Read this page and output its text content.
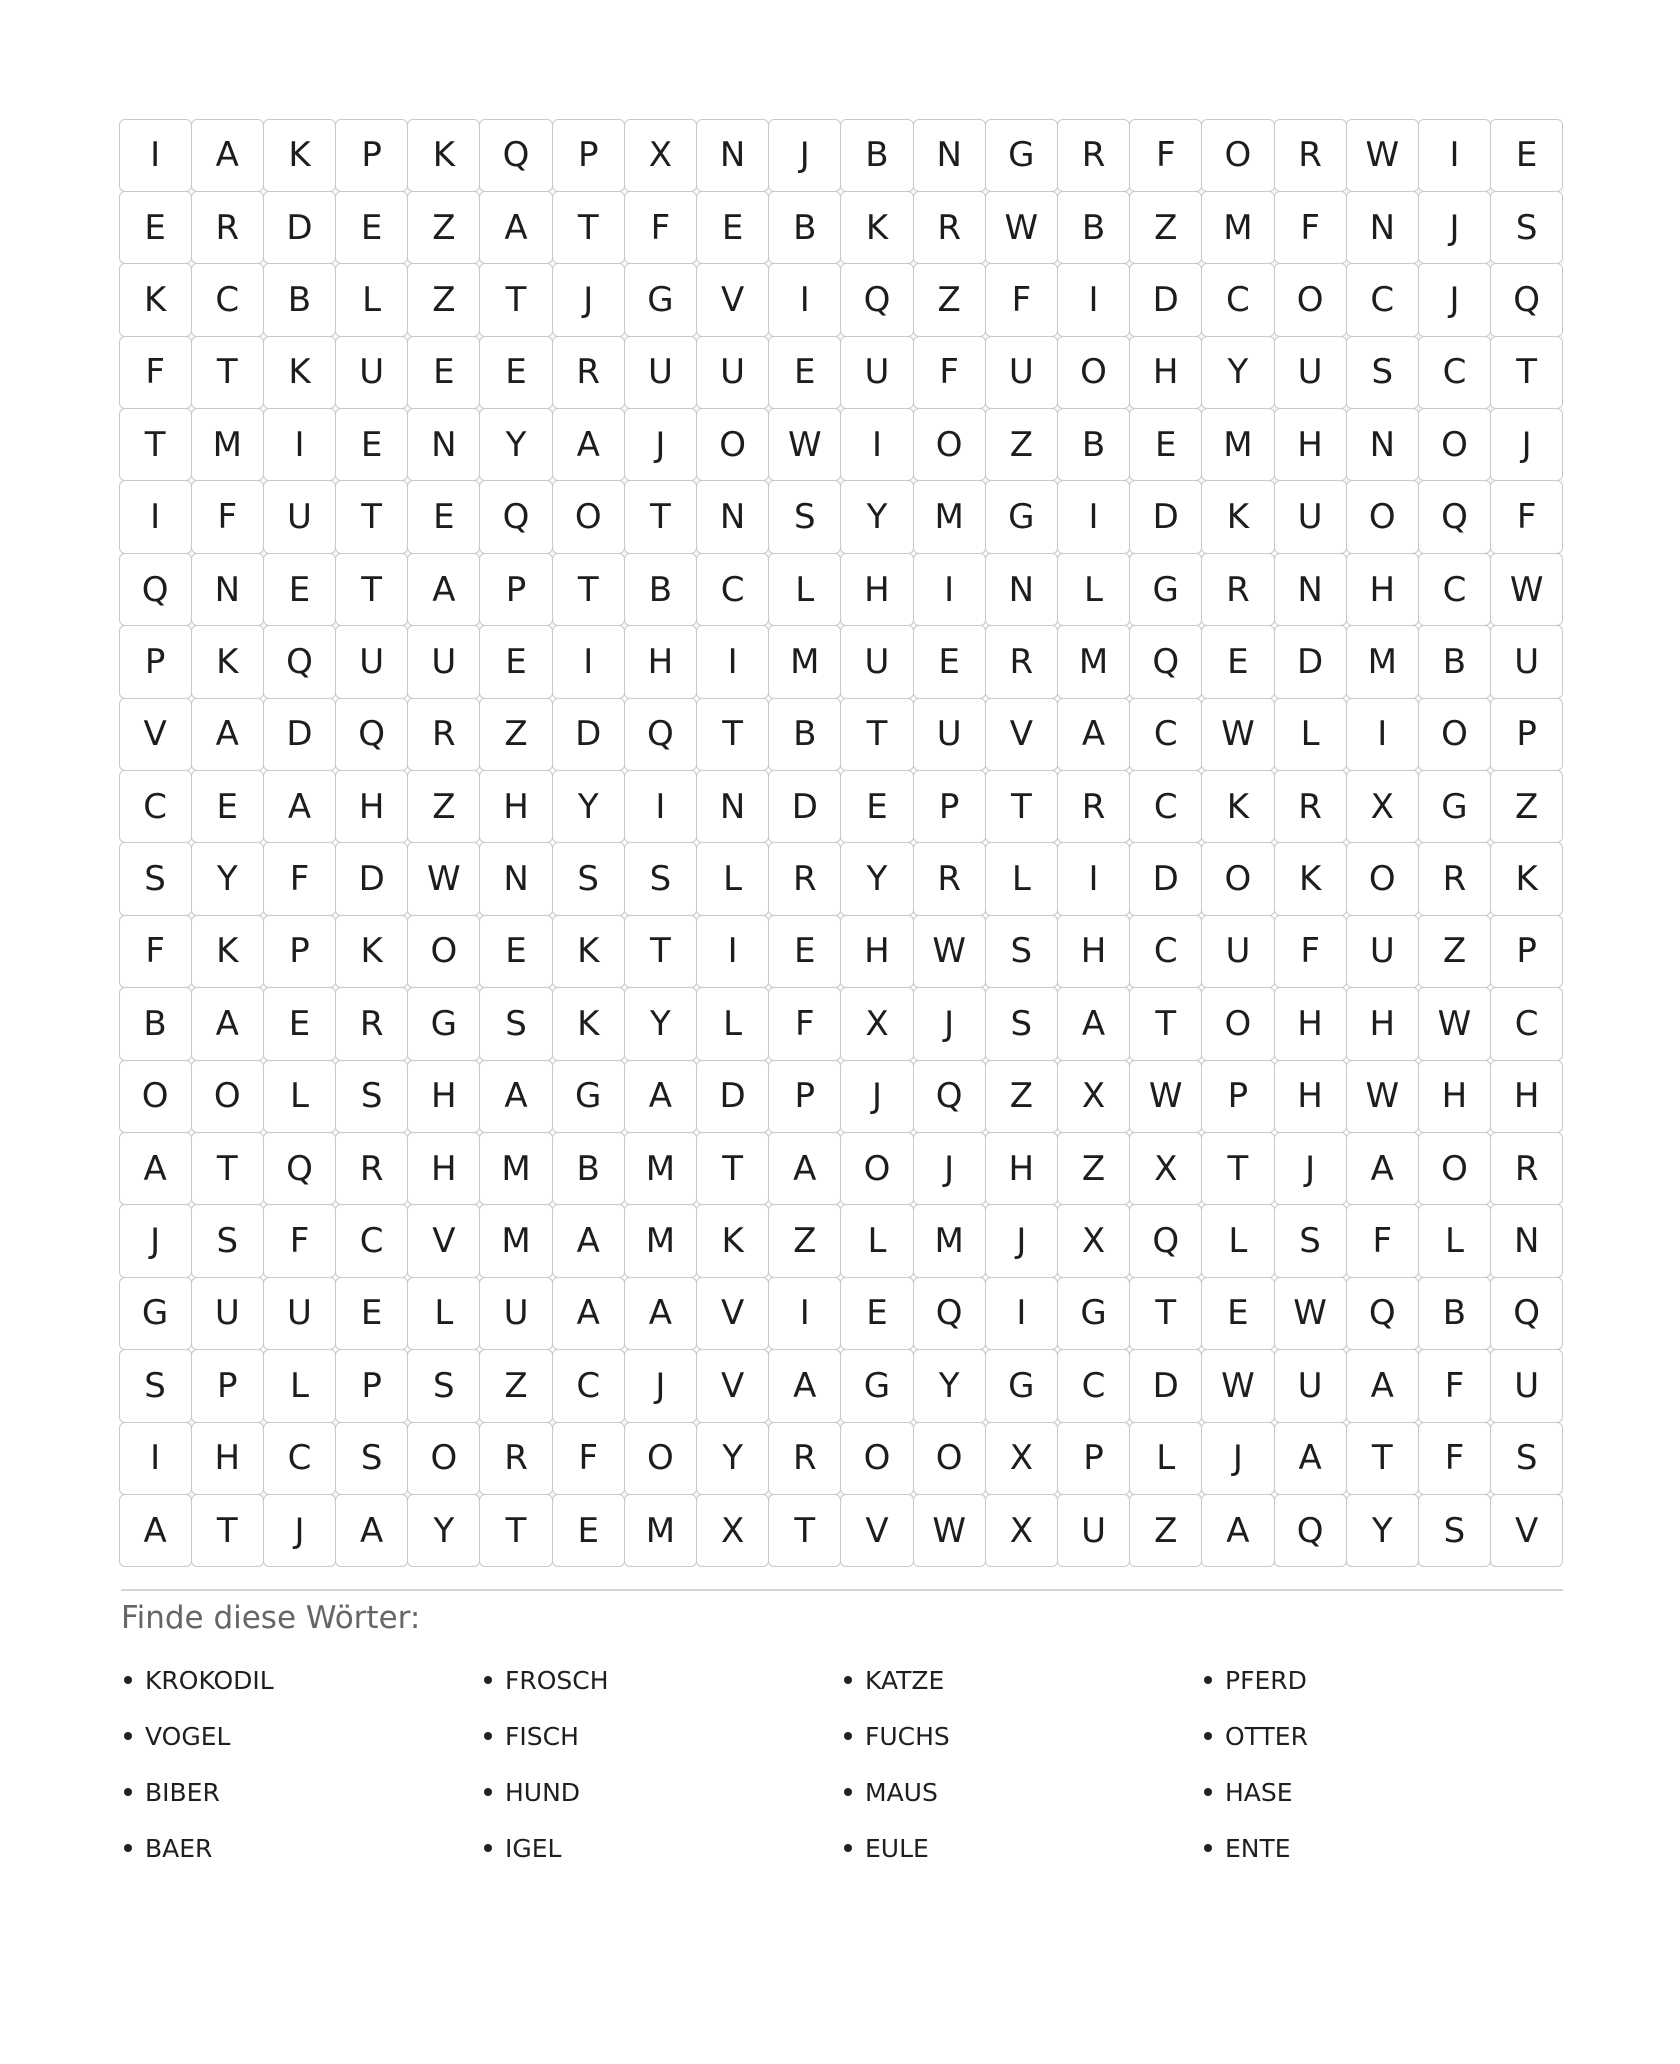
I	A	K	P	K	Q	P	X	N	J	B	N	G	R	F	O	R	W	I	E
E	R	D	E	Z	A	T	F	E	B	K	R	W	B	Z	M	F	N	J	S
K	C	B	L	Z	T	J	G	V	I	Q	Z	F	I	D	C	O	C	J	Q
F	T	K	U	E	E	R	U	U	E	U	F	U	O	H	Y	U	S	C	T
T	M	I	E	N	Y	A	J	O	W	I	O	Z	B	E	M	H	N	O	J
I	F	U	T	E	Q	O	T	N	S	Y	M	G	I	D	K	U	O	Q	F
Q	N	E	T	A	P	T	B	C	L	H	I	N	L	G	R	N	H	C	W
P	K	Q	U	U	E	I	H	I	M	U	E	R	M	Q	E	D	M	B	U
V	A	D	Q	R	Z	D	Q	T	B	T	U	V	A	C	W	L	I	O	P
C	E	A	H	Z	H	Y	I	N	D	E	P	T	R	C	K	R	X	G	Z
S	Y	F	D	W	N	S	S	L	R	Y	R	L	I	D	O	K	O	R	K
F	K	P	K	O	E	K	T	I	E	H	W	S	H	C	U	F	U	Z	P
B	A	E	R	G	S	K	Y	L	F	X	J	S	A	T	O	H	H	W	C
O	O	L	S	H	A	G	A	D	P	J	Q	Z	X	W	P	H	W	H	H
A	T	Q	R	H	M	B	M	T	A	O	J	H	Z	X	T	J	A	O	R
J	S	F	C	V	M	A	M	K	Z	L	M	J	X	Q	L	S	F	L	N
G	U	U	E	L	U	A	A	V	I	E	Q	I	G	T	E	W	Q	B	Q
S	P	L	P	S	Z	C	J	V	A	G	Y	G	C	D	W	U	A	F	U
I	H	C	S	O	R	F	O	Y	R	O	O	X	P	L	J	A	T	F	S
A	T	J	A	Y	T	E	M	X	T	V	W	X	U	Z	A	Q	Y	S	V
Finde diese Wörter:
KROKODIL
VOGEL
BIBER
BAER
FROSCH
FISCH
HUND
IGEL
KATZE
FUCHS
MAUS
EULE
PFERD
OTTER
HASE
ENTE
